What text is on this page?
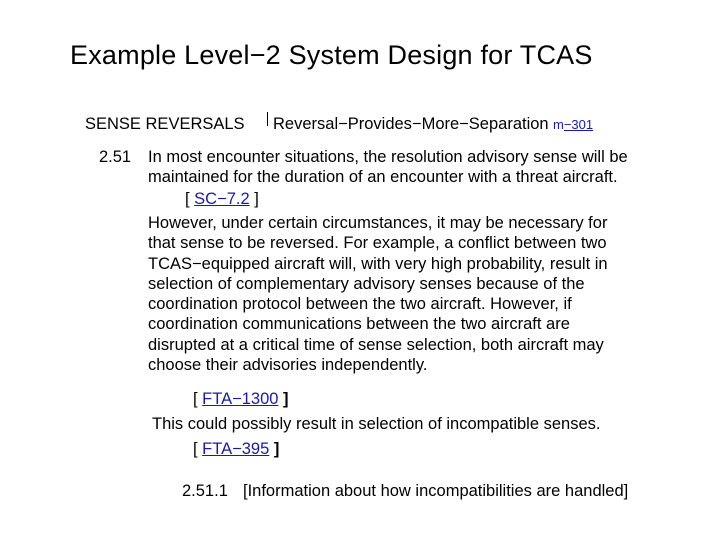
Example Level−2 System Design for TCAS
SENSE REVERSALS Reversal−Provides−More−Separation m−301
2.51 In most encounter situations, the resolution advisory sense will be
maintained for the duration of an encounter with a threat aircraft.
[ SC−7.2 ]
However, under certain circumstances, it may be necessary for
that sense to be reversed. For example, a conflict between two
TCAS−equipped aircraft will, with very high probability, result in
selection of complementary advisory senses because of the
coordination protocol between the two aircraft. However, if
coordination communications between the two aircraft are
disrupted at a critical time of sense selection, both aircraft may
choose their advisories independently.
[ FTA−1300 ]
This could possibly result in selection of incompatible senses.
[ FTA−395 ]
2.51.1 [Information about how incompatibilities are handled]
